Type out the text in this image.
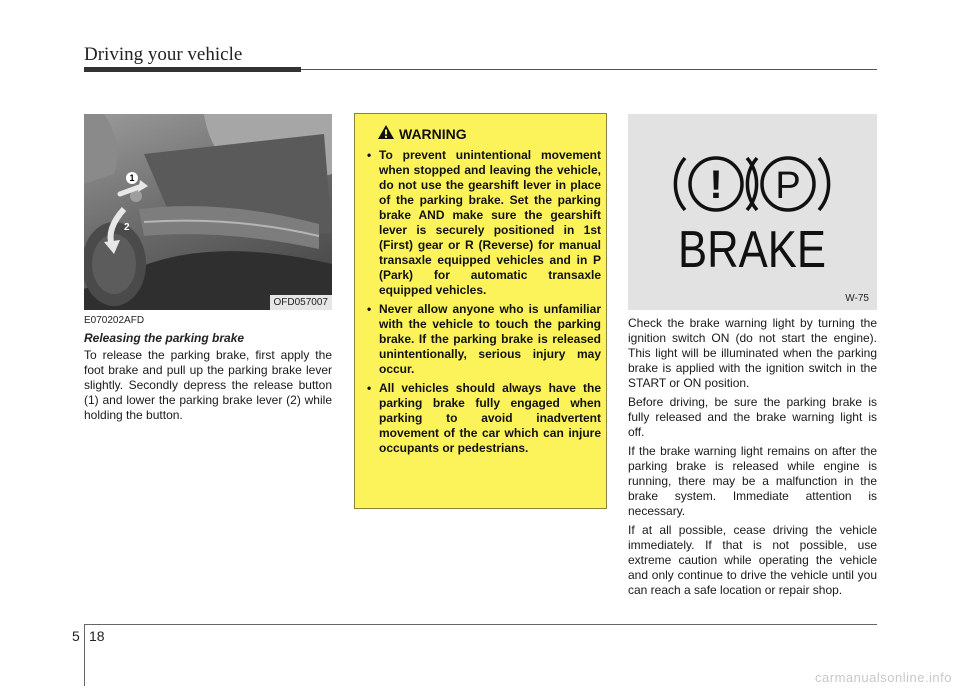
Driving your vehicle
1
2
OFD057007
E070202AFD
Releasing the parking brake

To release the parking brake, first apply the foot brake and pull up the parking brake lever slightly. Secondly depress the release button (1) and lower the parking brake lever (2) while holding the button.

WARNING
• To prevent unintentional movement when stopped and leaving the vehicle, do not use the gearshift lever in place of the parking brake. Set the parking brake AND make sure the gearshift lever is securely positioned in 1st (First) gear or R (Reverse) for manual transaxle equipped vehicles and in P (Park) for automatic transaxle equipped vehicles.
• Never allow anyone who is unfamiliar with the vehicle to touch the parking brake. If the parking brake is released unintentionally, serious injury may occur.
• All vehicles should always have the parking brake fully engaged when parking to avoid inadvertent movement of the car which can injure occupants or pedestrians.
! P
BRAKE
W-75

Check the brake warning light by turning the ignition switch ON (do not start the engine). This light will be illuminated when the parking brake is applied with the ignition switch in the START or ON position.

Before driving, be sure the parking brake is fully released and the brake warning light is off.

If the brake warning light remains on after the parking brake is released while engine is running, there may be a malfunction in the brake system. Immediate attention is necessary.

If at all possible, cease driving the vehicle immediately. If that is not possible, use extreme caution while operating the vehicle and only continue to drive the vehicle until you can reach a safe location or repair shop.

5 18
carmanualsonline.info
